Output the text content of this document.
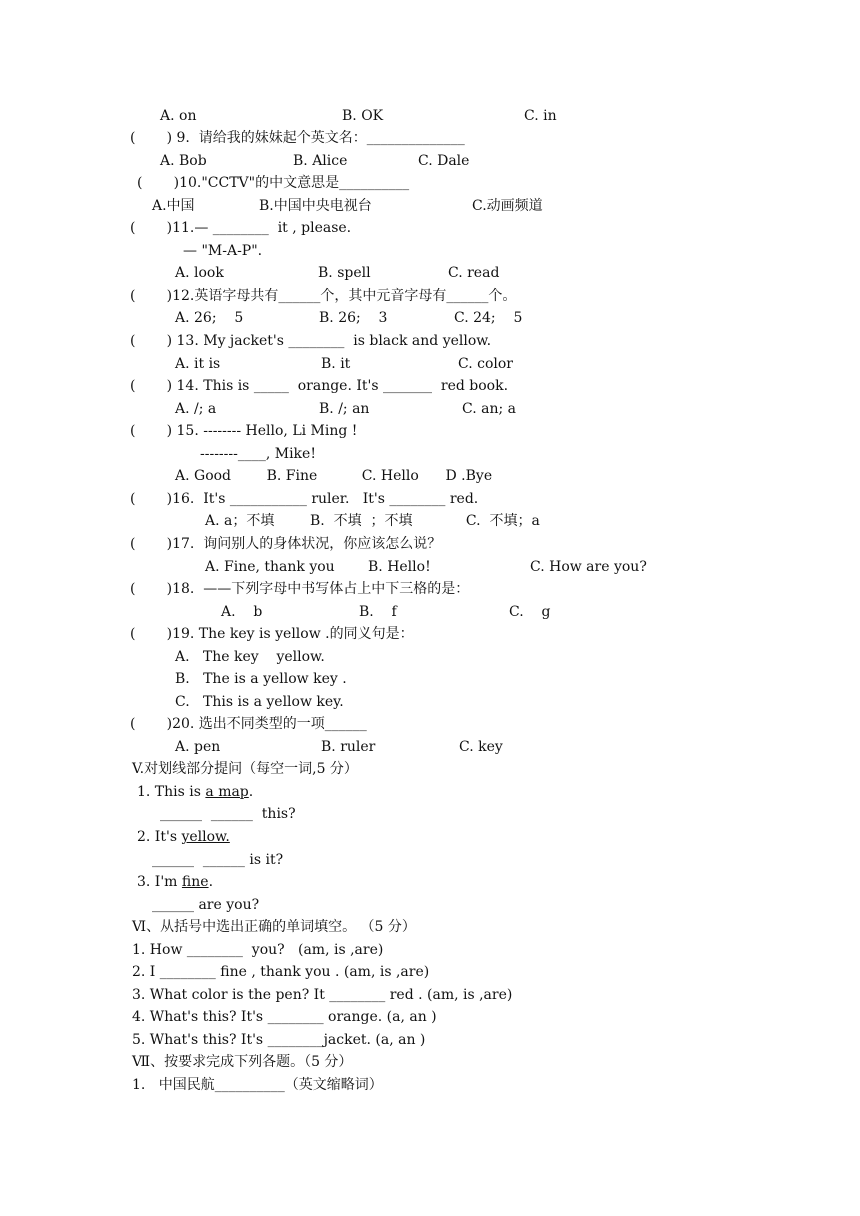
A. on	B. OK	C. in
(       ) 9.  请给我的妹妹起个英文名：______________
A. Bob	B. Alice	C. Dale
(       )10."CCTV"的中文意思是__________
A.中国	B.中国中央电视台	C.动画频道
(       )11.— ________  it , please.
— "M-A-P".
A. look	B. spell	C. read
(       )12.英语字母共有______个，其中元音字母有______个。
A. 26;    5	B. 26;    3	C. 24;    5
(       ) 13. My jacket's ________  is black and yellow.
A. it is	B. it	C. color
(       ) 14. This is _____  orange. It's _______  red book.
A. /; a	B. /; an	C. an; a
(       ) 15. -------- Hello, Li Ming !
--------____, Mike!
A. Good        B. Fine          C. Hello      D .Bye
(       )16.  It's ___________ ruler.   It's ________ red.
A. a；不填        B.  不填  ；不填            C.  不填；a
(       )17.  询问别人的身体状况，你应该怎么说？
A. Fine, thank you B. Hello!	C. How are you?
(       )18.  ——下列字母中书写体占上中下三格的是：
A.    b	B.    f	C.    g
(       )19. The key is yellow .的同义句是：
A.   The key    yellow.
B.   The is a yellow key .
C.   This is a yellow key.
(       )20. 选出不同类型的一项______
A. pen	B. ruler	C. key
V.对划线部分提问（每空一词,5 分）
1. This is a map.
______  ______  this?
2. It's yellow.
______  ______ is it?
3. I'm fine.
______ are you?
Ⅵ、从括号中选出正确的单词填空。 （5 分）
1. How ________  you?   (am, is ,are)
2. I ________ fine , thank you . (am, is ,are)
3. What color is the pen? It ________ red . (am, is ,are)
4. What's this? It's ________ orange. (a, an )
5. What's this? It's ________jacket. (a, an )
Ⅶ、按要求完成下列各题。（5 分）
1.   中国民航__________（英文缩略词）
